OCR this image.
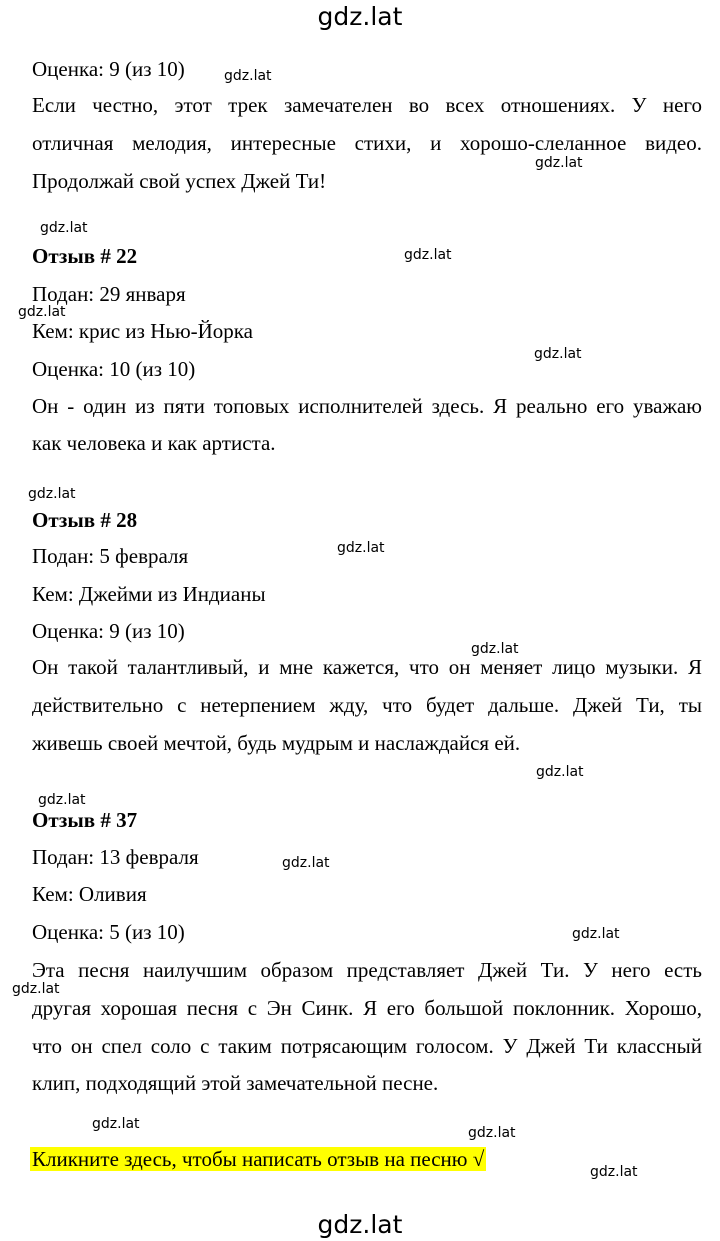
gdz.lat
Оценка: 9 (из 10)
Если честно, этот трек замечателен во всех отношениях. У него
отличная мелодия, интересные стихи, и хорошо-слеланное видео.
Продолжай свой успех Джей Ти!
Отзыв # 22
Подан: 29 января
Кем: крис из Нью-Йорка
Оценка: 10 (из 10)
Он - один из пяти топовых исполнителей здесь. Я реально его уважаю
как человека и как артиста.
Отзыв # 28
Подан: 5 февраля
Кем: Джейми из Индианы
Оценка: 9 (из 10)
Он такой талантливый, и мне кажется, что он меняет лицо музыки. Я
действительно с нетерпением жду, что будет дальше. Джей Ти, ты
живешь своей мечтой, будь мудрым и наслаждайся ей.
Отзыв # 37
Подан: 13 февраля
Кем: Оливия
Оценка: 5 (из 10)
Эта песня наилучшим образом представляет Джей Ти. У него есть
другая хорошая песня с Эн Синк. Я его большой поклонник. Хорошо,
что он спел соло с таким потрясающим голосом. У Джей Ти классный
клип, подходящий этой замечательной песне.
Кликните здесь, чтобы написать отзыв на песню √
gdz.lat
gdz.lat
gdz.lat
gdz.lat
gdz.lat
gdz.lat
gdz.lat
gdz.lat
gdz.lat
gdz.lat
gdz.lat
gdz.lat
gdz.lat
gdz.lat
gdz.lat
gdz.lat
gdz.lat
gdz.lat
